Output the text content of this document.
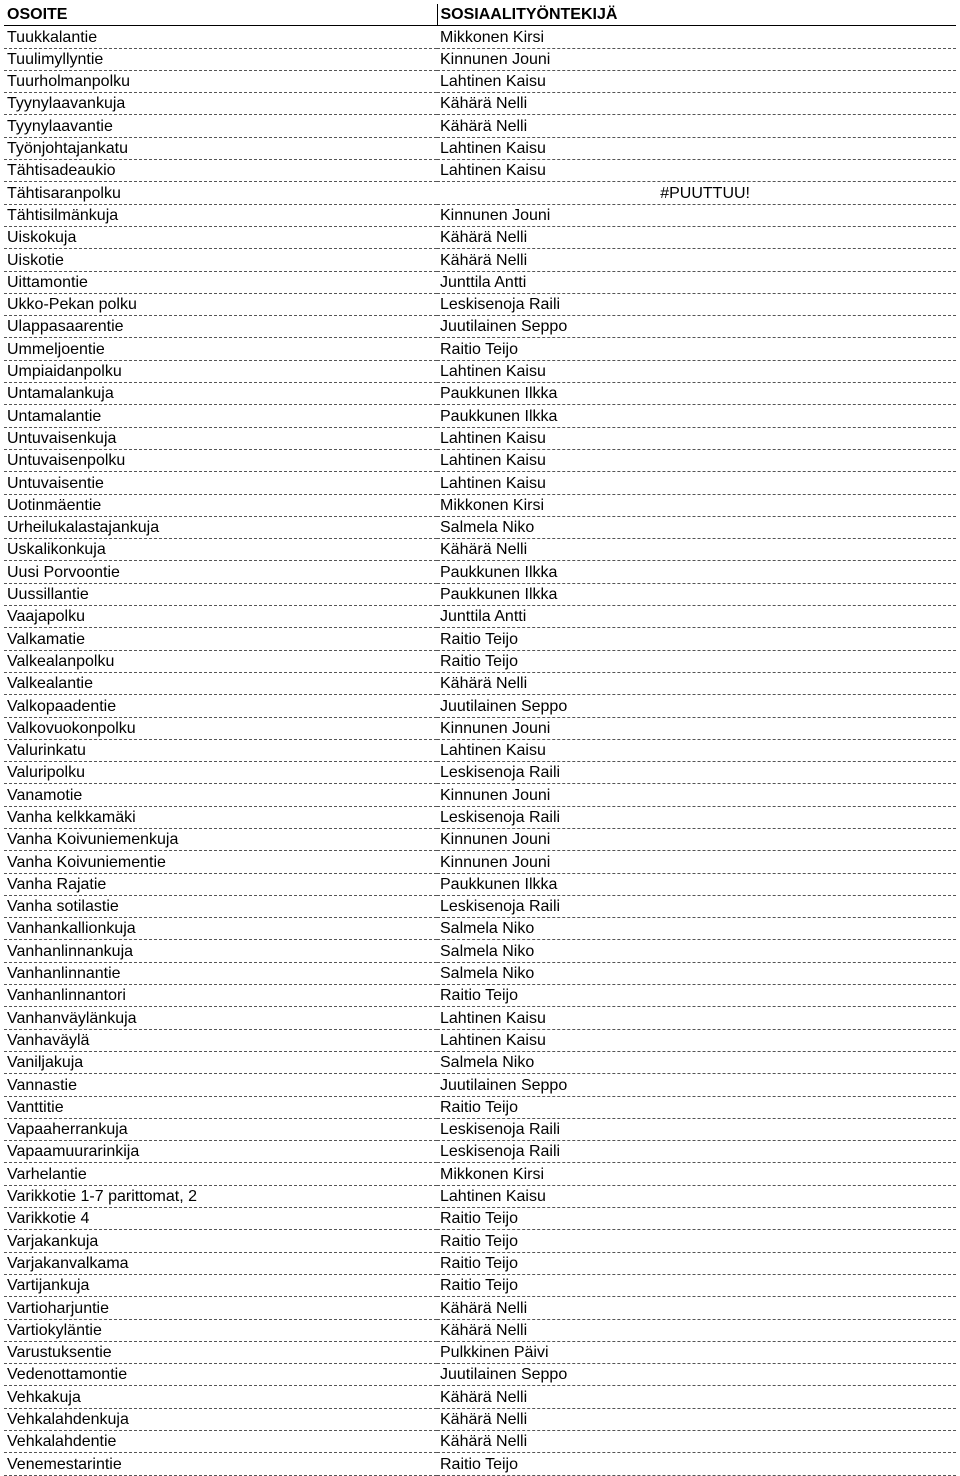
OSOITE	SOSIAALITYÖNTEKIJÄ
Tuukkalantie	Mikkonen Kirsi
Tuulimyllyntie	Kinnunen Jouni
Tuurholmanpolku	Lahtinen Kaisu
Tyynylaavankuja	Kähärä Nelli
Tyynylaavantie	Kähärä Nelli
Työnjohtajankatu	Lahtinen Kaisu
Tähtisadeaukio	Lahtinen Kaisu
Tähtisaranpolku	#PUUTTUU!
Tähtisilmänkuja	Kinnunen Jouni
Uiskokuja	Kähärä Nelli
Uiskotie	Kähärä Nelli
Uittamontie	Junttila Antti
Ukko-Pekan polku	Leskisenoja Raili
Ulappasaarentie	Juutilainen Seppo
Ummeljoentie	Raitio Teijo
Umpiaidanpolku	Lahtinen Kaisu
Untamalankuja	Paukkunen Ilkka
Untamalantie	Paukkunen Ilkka
Untuvaisenkuja	Lahtinen Kaisu
Untuvaisenpolku	Lahtinen Kaisu
Untuvaisentie	Lahtinen Kaisu
Uotinmäentie	Mikkonen Kirsi
Urheilukalastajankuja	Salmela Niko
Uskalikonkuja	Kähärä Nelli
Uusi Porvoontie	Paukkunen Ilkka
Uussillantie	Paukkunen Ilkka
Vaajapolku	Junttila Antti
Valkamatie	Raitio Teijo
Valkealanpolku	Raitio Teijo
Valkealantie	Kähärä Nelli
Valkopaadentie	Juutilainen Seppo
Valkovuokonpolku	Kinnunen Jouni
Valurinkatu	Lahtinen Kaisu
Valuripolku	Leskisenoja Raili
Vanamotie	Kinnunen Jouni
Vanha kelkkamäki	Leskisenoja Raili
Vanha Koivuniemenkuja	Kinnunen Jouni
Vanha Koivuniementie	Kinnunen Jouni
Vanha Rajatie	Paukkunen Ilkka
Vanha sotilastie	Leskisenoja Raili
Vanhankallionkuja	Salmela Niko
Vanhanlinnankuja	Salmela Niko
Vanhanlinnantie	Salmela Niko
Vanhanlinnantori	Raitio Teijo
Vanhanväylänkuja	Lahtinen Kaisu
Vanhaväylä	Lahtinen Kaisu
Vaniljakuja	Salmela Niko
Vannastie	Juutilainen Seppo
Vanttitie	Raitio Teijo
Vapaaherrankuja	Leskisenoja Raili
Vapaamuurarinkija	Leskisenoja Raili
Varhelantie	Mikkonen Kirsi
Varikkotie 1-7 parittomat, 2	Lahtinen Kaisu
Varikkotie 4	Raitio Teijo
Varjakankuja	Raitio Teijo
Varjakanvalkama	Raitio Teijo
Vartijankuja	Raitio Teijo
Vartioharjuntie	Kähärä Nelli
Vartiokyläntie	Kähärä Nelli
Varustuksentie	Pulkkinen Päivi
Vedenottamontie	Juutilainen Seppo
Vehkakuja	Kähärä Nelli
Vehkalahdenkuja	Kähärä Nelli
Vehkalahdentie	Kähärä Nelli
Venemestarintie	Raitio Teijo
